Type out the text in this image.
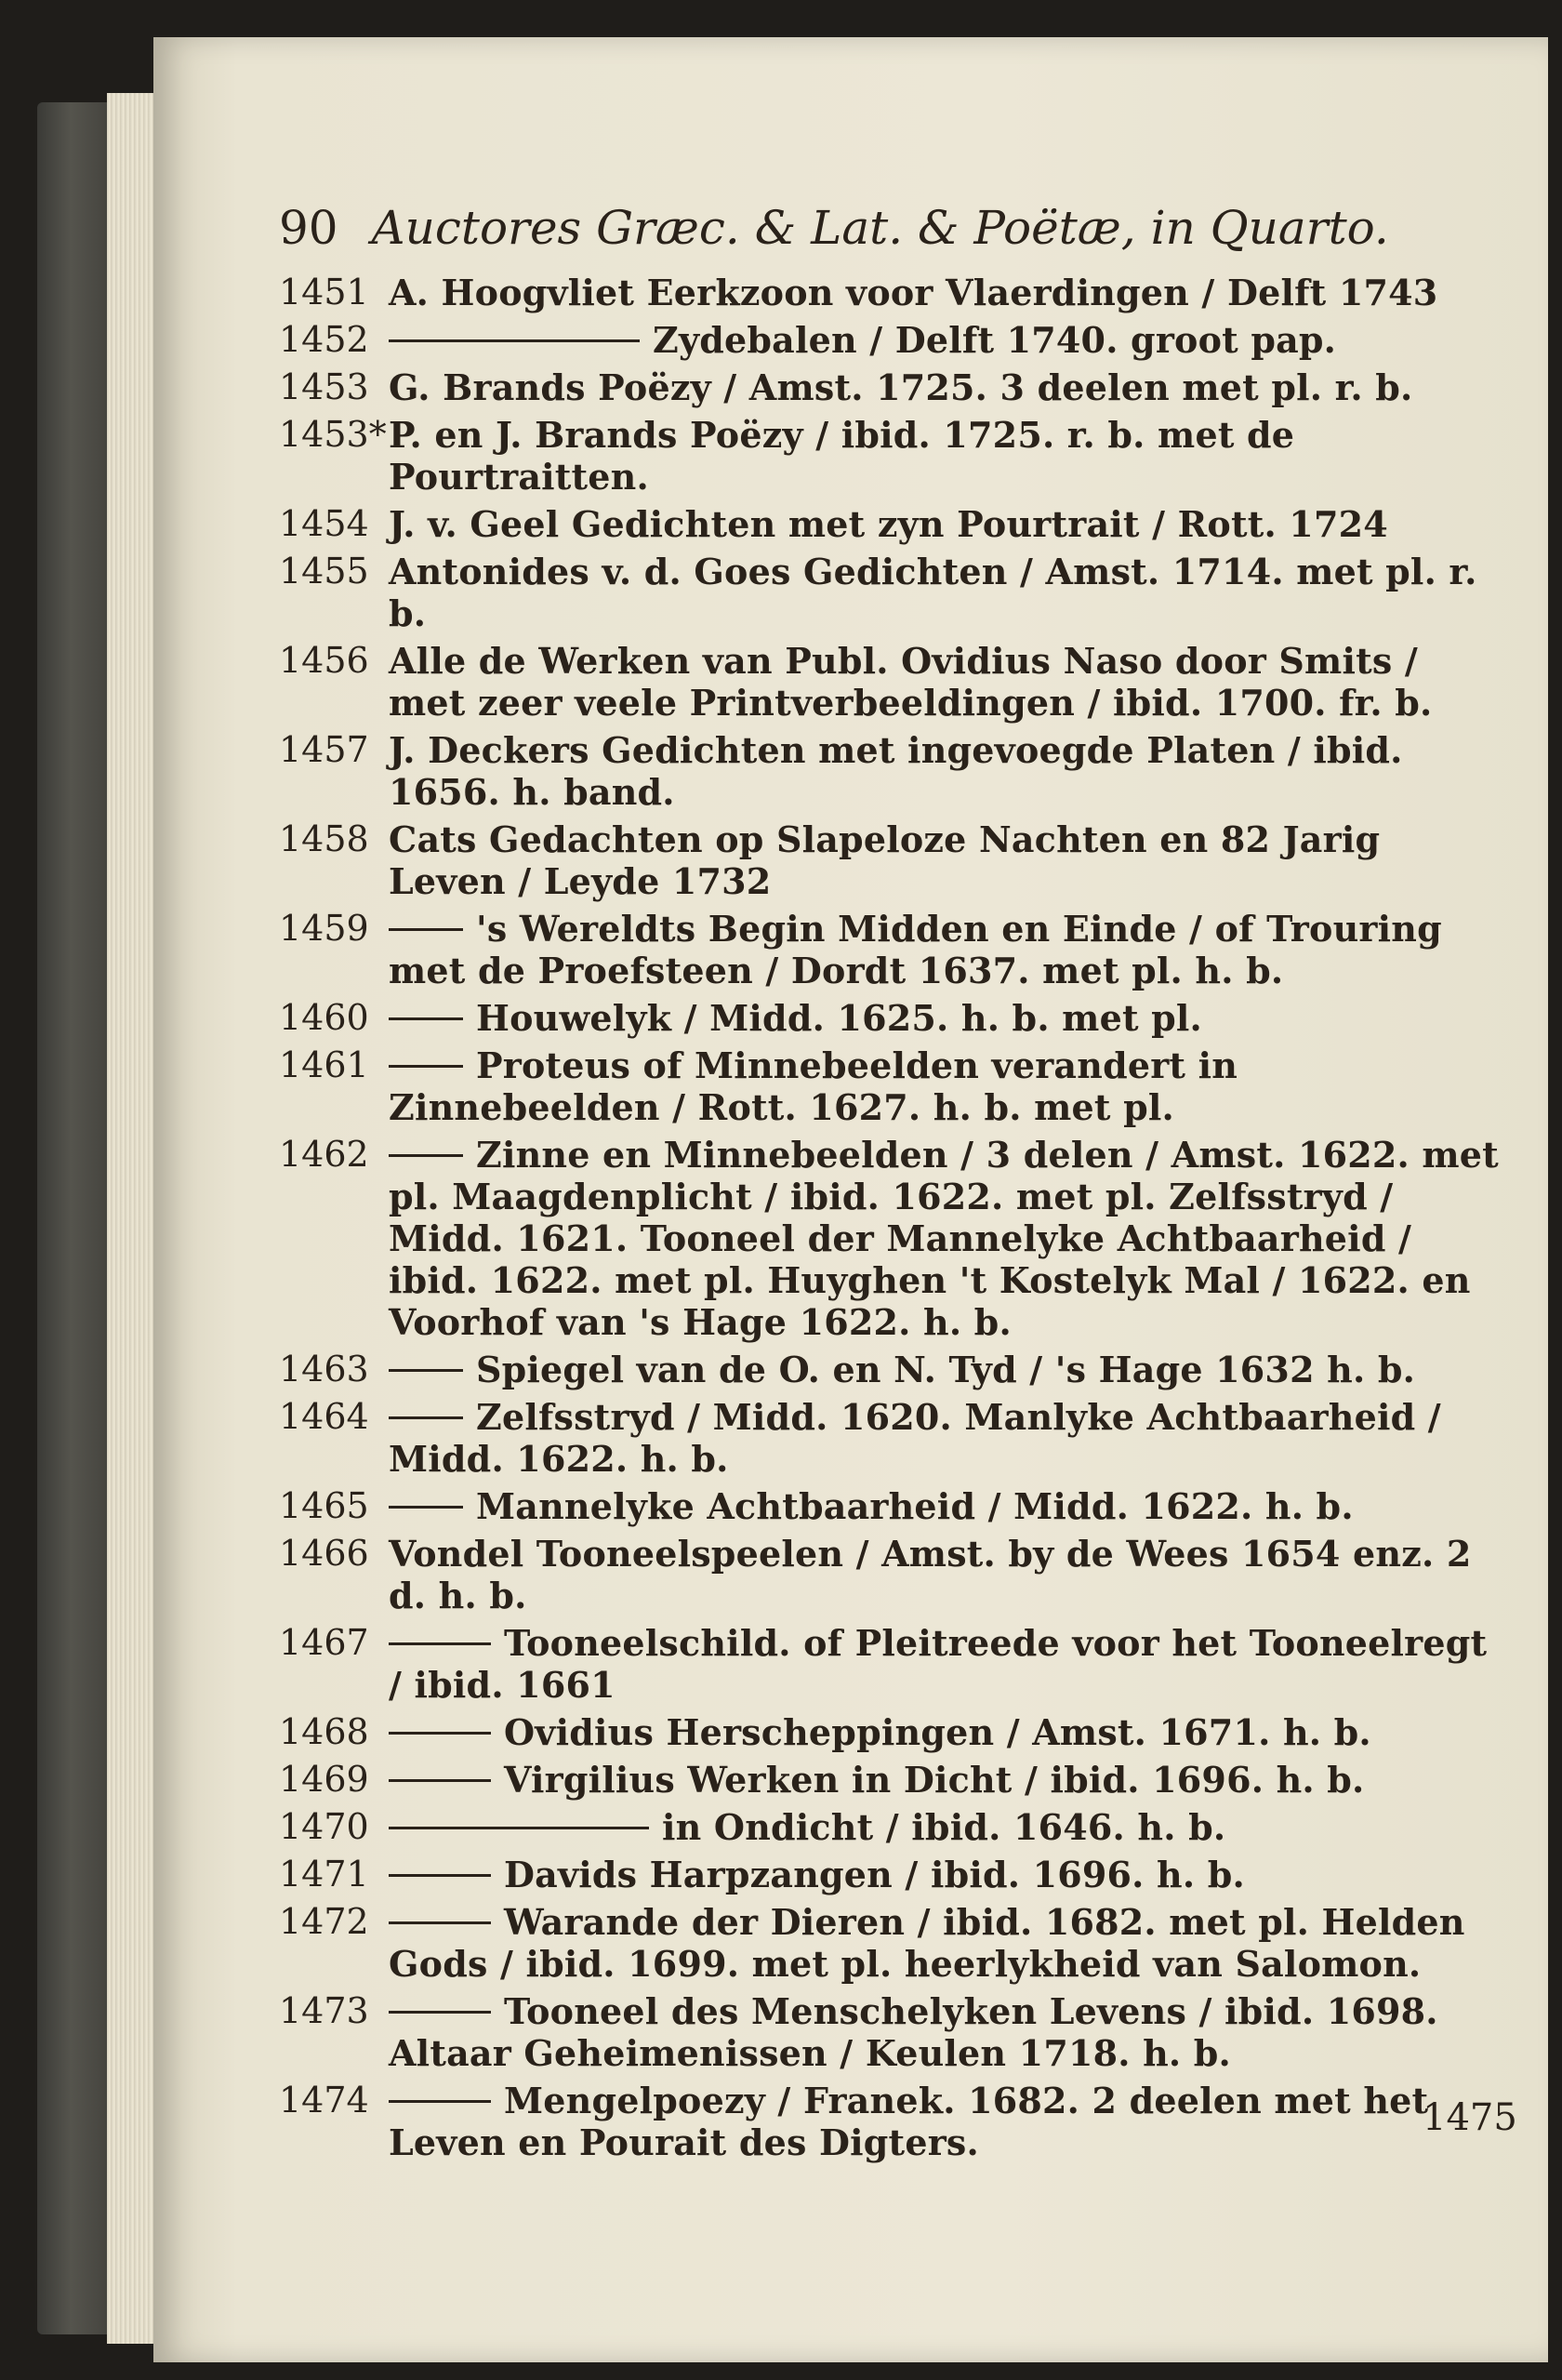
90 Auctores Græc. & Lat. & Poëtæ, in Quarto.
1451 A. Hoogvliet Eerkzoon voor Vlaerdingen / Delft 1743
1452	Zydebalen / Delft 1740. groot pap.
1453 G. Brands Poëzy / Amst. 1725. 3 deelen met pl. r. b.
1453* P. en J. Brands Poëzy / ibid. 1725. r. b. met de Pourtraitten.
1454 J. v. Geel Gedichten met zyn Pourtrait / Rott. 1724
1455 Antonides v. d. Goes Gedichten / Amst. 1714. met pl. r. b.
1456 Alle de Werken van Publ. Ovidius Naso door Smits / met zeer veele Printverbeeldingen / ibid. 1700. fr. b.
1457 J. Deckers Gedichten met ingevoegde Platen / ibid. 1656. h. band.
1458 Cats Gedachten op Slapeloze Nachten en 82 Jarig Leven / Leyde 1732
1459	's Wereldts Begin Midden en Einde / of Trouring met de Proefsteen / Dordt 1637. met pl. h. b.
1460	Houwelyk / Midd. 1625. h. b. met pl.
1461	Proteus of Minnebeelden verandert in Zinnebeelden / Rott. 1627. h. b. met pl.
1462	Zinne en Minnebeelden / 3 delen / Amst. 1622. met pl. Maagdenplicht / ibid. 1622. met pl. Zelfsstryd / Midd. 1621. Tooneel der Mannelyke Achtbaarheid / ibid. 1622. met pl. Huyghen 't Kostelyk Mal / 1622. en Voorhof van 's Hage 1622. h. b.
1463	Spiegel van de O. en N. Tyd / 's Hage 1632 h. b.
1464	Zelfsstryd / Midd. 1620. Manlyke Achtbaarheid / Midd. 1622. h. b.
1465	Mannelyke Achtbaarheid / Midd. 1622. h. b.
1466 Vondel Tooneelspeelen / Amst. by de Wees 1654 enz. 2 d. h. b.
1467	Tooneelschild. of Pleitreede voor het Tooneelregt / ibid. 1661
1468	Ovidius Herscheppingen / Amst. 1671. h. b.
1469	Virgilius Werken in Dicht / ibid. 1696. h. b.
1470	in Ondicht / ibid. 1646. h. b.
1471	Davids Harpzangen / ibid. 1696. h. b.
1472	Warande der Dieren / ibid. 1682. met pl. Helden Gods / ibid. 1699. met pl. heerlykheid van Salomon.
1473	Tooneel des Menschelyken Levens / ibid. 1698. Altaar Geheimenissen / Keulen 1718. h. b.
1474	Mengelpoezy / Franek. 1682. 2 deelen met het Leven en Pourait des Digters.
1475
